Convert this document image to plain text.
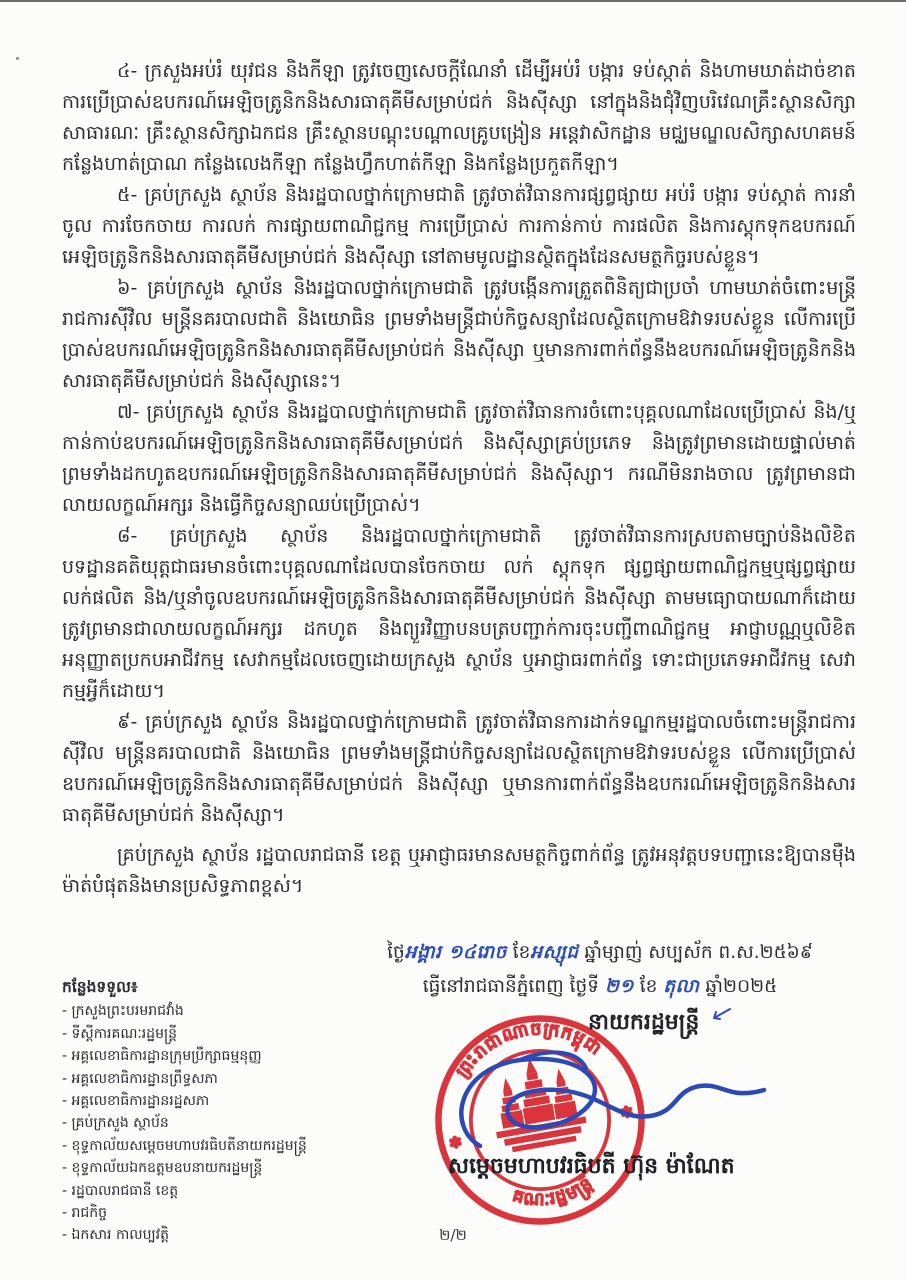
៤- ក្រសួងអប់រំ យុវជន និងកីឡា ត្រូវចេញសេចក្តីណែនាំ ដើម្បីអប់រំ បង្ការ ទប់ស្កាត់ និងហាមឃាត់ដាច់ខាតការប្រើប្រាស់ឧបករណ៍អេឡិចត្រូនិកនិងសារធាតុគីមីសម្រាប់ជក់ និងស៊ីស្សា នៅក្នុងនិងជុំវិញបរិវេណគ្រឹះស្ថានសិក្សាសាធារណៈ គ្រឹះស្ថានសិក្សាឯកជន គ្រឹះស្ថានបណ្តុះបណ្តាលគ្រូបង្រៀន អន្តេវាសិកដ្ឋាន មជ្ឈមណ្ឌលសិក្សាសហគមន៍ កន្លែងហាត់ប្រាណ កន្លែងលេងកីឡា កន្លែងហ្វឹកហាត់កីឡា និងកន្លែងប្រកួតកីឡា។

៥- គ្រប់ក្រសួង ស្ថាប័ន និងរដ្ឋបាលថ្នាក់ក្រោមជាតិ ត្រូវចាត់វិធានការផ្សព្វផ្សាយ អប់រំ បង្ការ ទប់ស្កាត់ ការនាំចូល ការចែកចាយ ការលក់ ការផ្សាយពាណិជ្ជកម្ម ការប្រើប្រាស់ ការកាន់កាប់ ការផលិត និងការស្តុកទុកឧបករណ៍អេឡិចត្រូនិកនិងសារធាតុគីមីសម្រាប់ជក់ និងស៊ីស្សា នៅតាមមូលដ្ឋានស្ថិតក្នុងដែនសមត្ថកិច្ចរបស់ខ្លួន។

៦- គ្រប់ក្រសួង ស្ថាប័ន និងរដ្ឋបាលថ្នាក់ក្រោមជាតិ ត្រូវបង្កើនការត្រួតពិនិត្យជាប្រចាំ ហាមឃាត់ចំពោះមន្ត្រីរាជការស៊ីវិល មន្ត្រីនគរបាលជាតិ និងយោធិន ព្រមទាំងមន្ត្រីជាប់កិច្ចសន្យាដែលស្ថិតក្រោមឱវាទរបស់ខ្លួន លើការប្រើប្រាស់ឧបករណ៍អេឡិចត្រូនិកនិងសារធាតុគីមីសម្រាប់ជក់ និងស៊ីស្សា ឬមានការពាក់ព័ន្ធនឹងឧបករណ៍អេឡិចត្រូនិកនិងសារធាតុគីមីសម្រាប់ជក់ និងស៊ីស្សានេះ។

៧- គ្រប់ក្រសួង ស្ថាប័ន និងរដ្ឋបាលថ្នាក់ក្រោមជាតិ ត្រូវចាត់វិធានការចំពោះបុគ្គលណាដែលប្រើប្រាស់ និង/ឬកាន់កាប់ឧបករណ៍អេឡិចត្រូនិកនិងសារធាតុគីមីសម្រាប់ជក់ និងស៊ីស្សាគ្រប់ប្រភេទ និងត្រូវព្រមានដោយផ្ទាល់មាត់ ព្រមទាំងដកហូតឧបករណ៍អេឡិចត្រូនិកនិងសារធាតុគីមីសម្រាប់ជក់ និងស៊ីស្សា។ ករណីមិនរាងចាល ត្រូវព្រមានជាលាយលក្ខណ៍អក្សរ និងធ្វើកិច្ចសន្យាឈប់ប្រើប្រាស់។

៨- គ្រប់ក្រសួង ស្ថាប័ន និងរដ្ឋបាលថ្នាក់ក្រោមជាតិ ត្រូវចាត់វិធានការស្របតាមច្បាប់និងលិខិតបទដ្ឋានគតិយុត្តជាធរមានចំពោះបុគ្គលណាដែលបានចែកចាយ លក់ ស្តុកទុក ផ្សព្វផ្សាយពាណិជ្ជកម្មឬផ្សព្វផ្សាយ លក់ផលិត និង/ឬនាំចូលឧបករណ៍អេឡិចត្រូនិកនិងសារធាតុគីមីសម្រាប់ជក់ និងស៊ីស្សា តាមមធ្យោបាយណាក៏ដោយ ត្រូវព្រមានជាលាយលក្ខណ៍អក្សរ ដកហូត និងព្យួរវិញ្ញាបនបត្របញ្ជាក់ការចុះបញ្ជីពាណិជ្ជកម្ម អាជ្ញាបណ្ណឬលិខិតអនុញ្ញាតប្រកបអាជីវកម្ម សេវាកម្មដែលចេញដោយក្រសួង ស្ថាប័ន ឬអាជ្ញាធរពាក់ព័ន្ធ ទោះជាប្រភេទអាជីវកម្ម សេវាកម្មអ្វីក៏ដោយ។

៩- គ្រប់ក្រសួង ស្ថាប័ន និងរដ្ឋបាលថ្នាក់ក្រោមជាតិ ត្រូវចាត់វិធានការដាក់ទណ្ឌកម្មរដ្ឋបាលចំពោះមន្ត្រីរាជការស៊ីវិល មន្ត្រីនគរបាលជាតិ និងយោធិន ព្រមទាំងមន្ត្រីជាប់កិច្ចសន្យាដែលស្ថិតក្រោមឱវាទរបស់ខ្លួន លើការប្រើប្រាស់ឧបករណ៍អេឡិចត្រូនិកនិងសារធាតុគីមីសម្រាប់ជក់ និងស៊ីស្សា ឬមានការពាក់ព័ន្ធនឹងឧបករណ៍អេឡិចត្រូនិកនិងសារធាតុគីមីសម្រាប់ជក់ និងស៊ីស្សា។

គ្រប់ក្រសួង ស្ថាប័ន រដ្ឋបាលរាជធានី ខេត្ត ឬអាជ្ញាធរមានសមត្ថកិច្ចពាក់ព័ន្ធ ត្រូវអនុវត្តបទបញ្ជានេះឱ្យបានម៉ឺងម៉ាត់បំផុតនិងមានប្រសិទ្ធភាពខ្ពស់។

ថ្ងៃអង្គារ ១៤រោច ខែអស្សុជ ឆ្នាំម្សាញ់ សប្បស័ក ព.ស.២៥៦៩
ធ្វើនៅរាជធានីភ្នំពេញ ថ្ងៃទី ២១ ខែ តុលា ឆ្នាំ២០២៥
កន្លែងទទួល៖
- ក្រសួងព្រះបរមរាជវាំង
- ទីស្តីការគណៈរដ្ឋមន្ត្រី
- អគ្គលេខាធិការដ្ឋានក្រុមប្រឹក្សាធម្មនុញ្ញ
- អគ្គលេខាធិការដ្ឋានព្រឹទ្ធសភា
- អគ្គលេខាធិការដ្ឋានរដ្ឋសភា
- គ្រប់ក្រសួង ស្ថាប័ន
- ខុទ្ទកាល័យសម្តេចមហាបវរធិបតីនាយករដ្ឋមន្ត្រី
- ខុទ្ទកាល័យឯកឧត្តមឧបនាយករដ្ឋមន្ត្រី
- រដ្ឋបាលរាជធានី ខេត្ត
- រាជកិច្ច
- ឯកសារ កាលប្បវត្តិ
ព្រះរាជាណាចក្រកម្ពុជា
គណៈរដ្ឋមន្ត្រី
✽
✽
នាយករដ្ឋមន្ត្រី
សម្តេចមហាបវរធិបតី ហ៊ុន ម៉ាណែត
២/២
